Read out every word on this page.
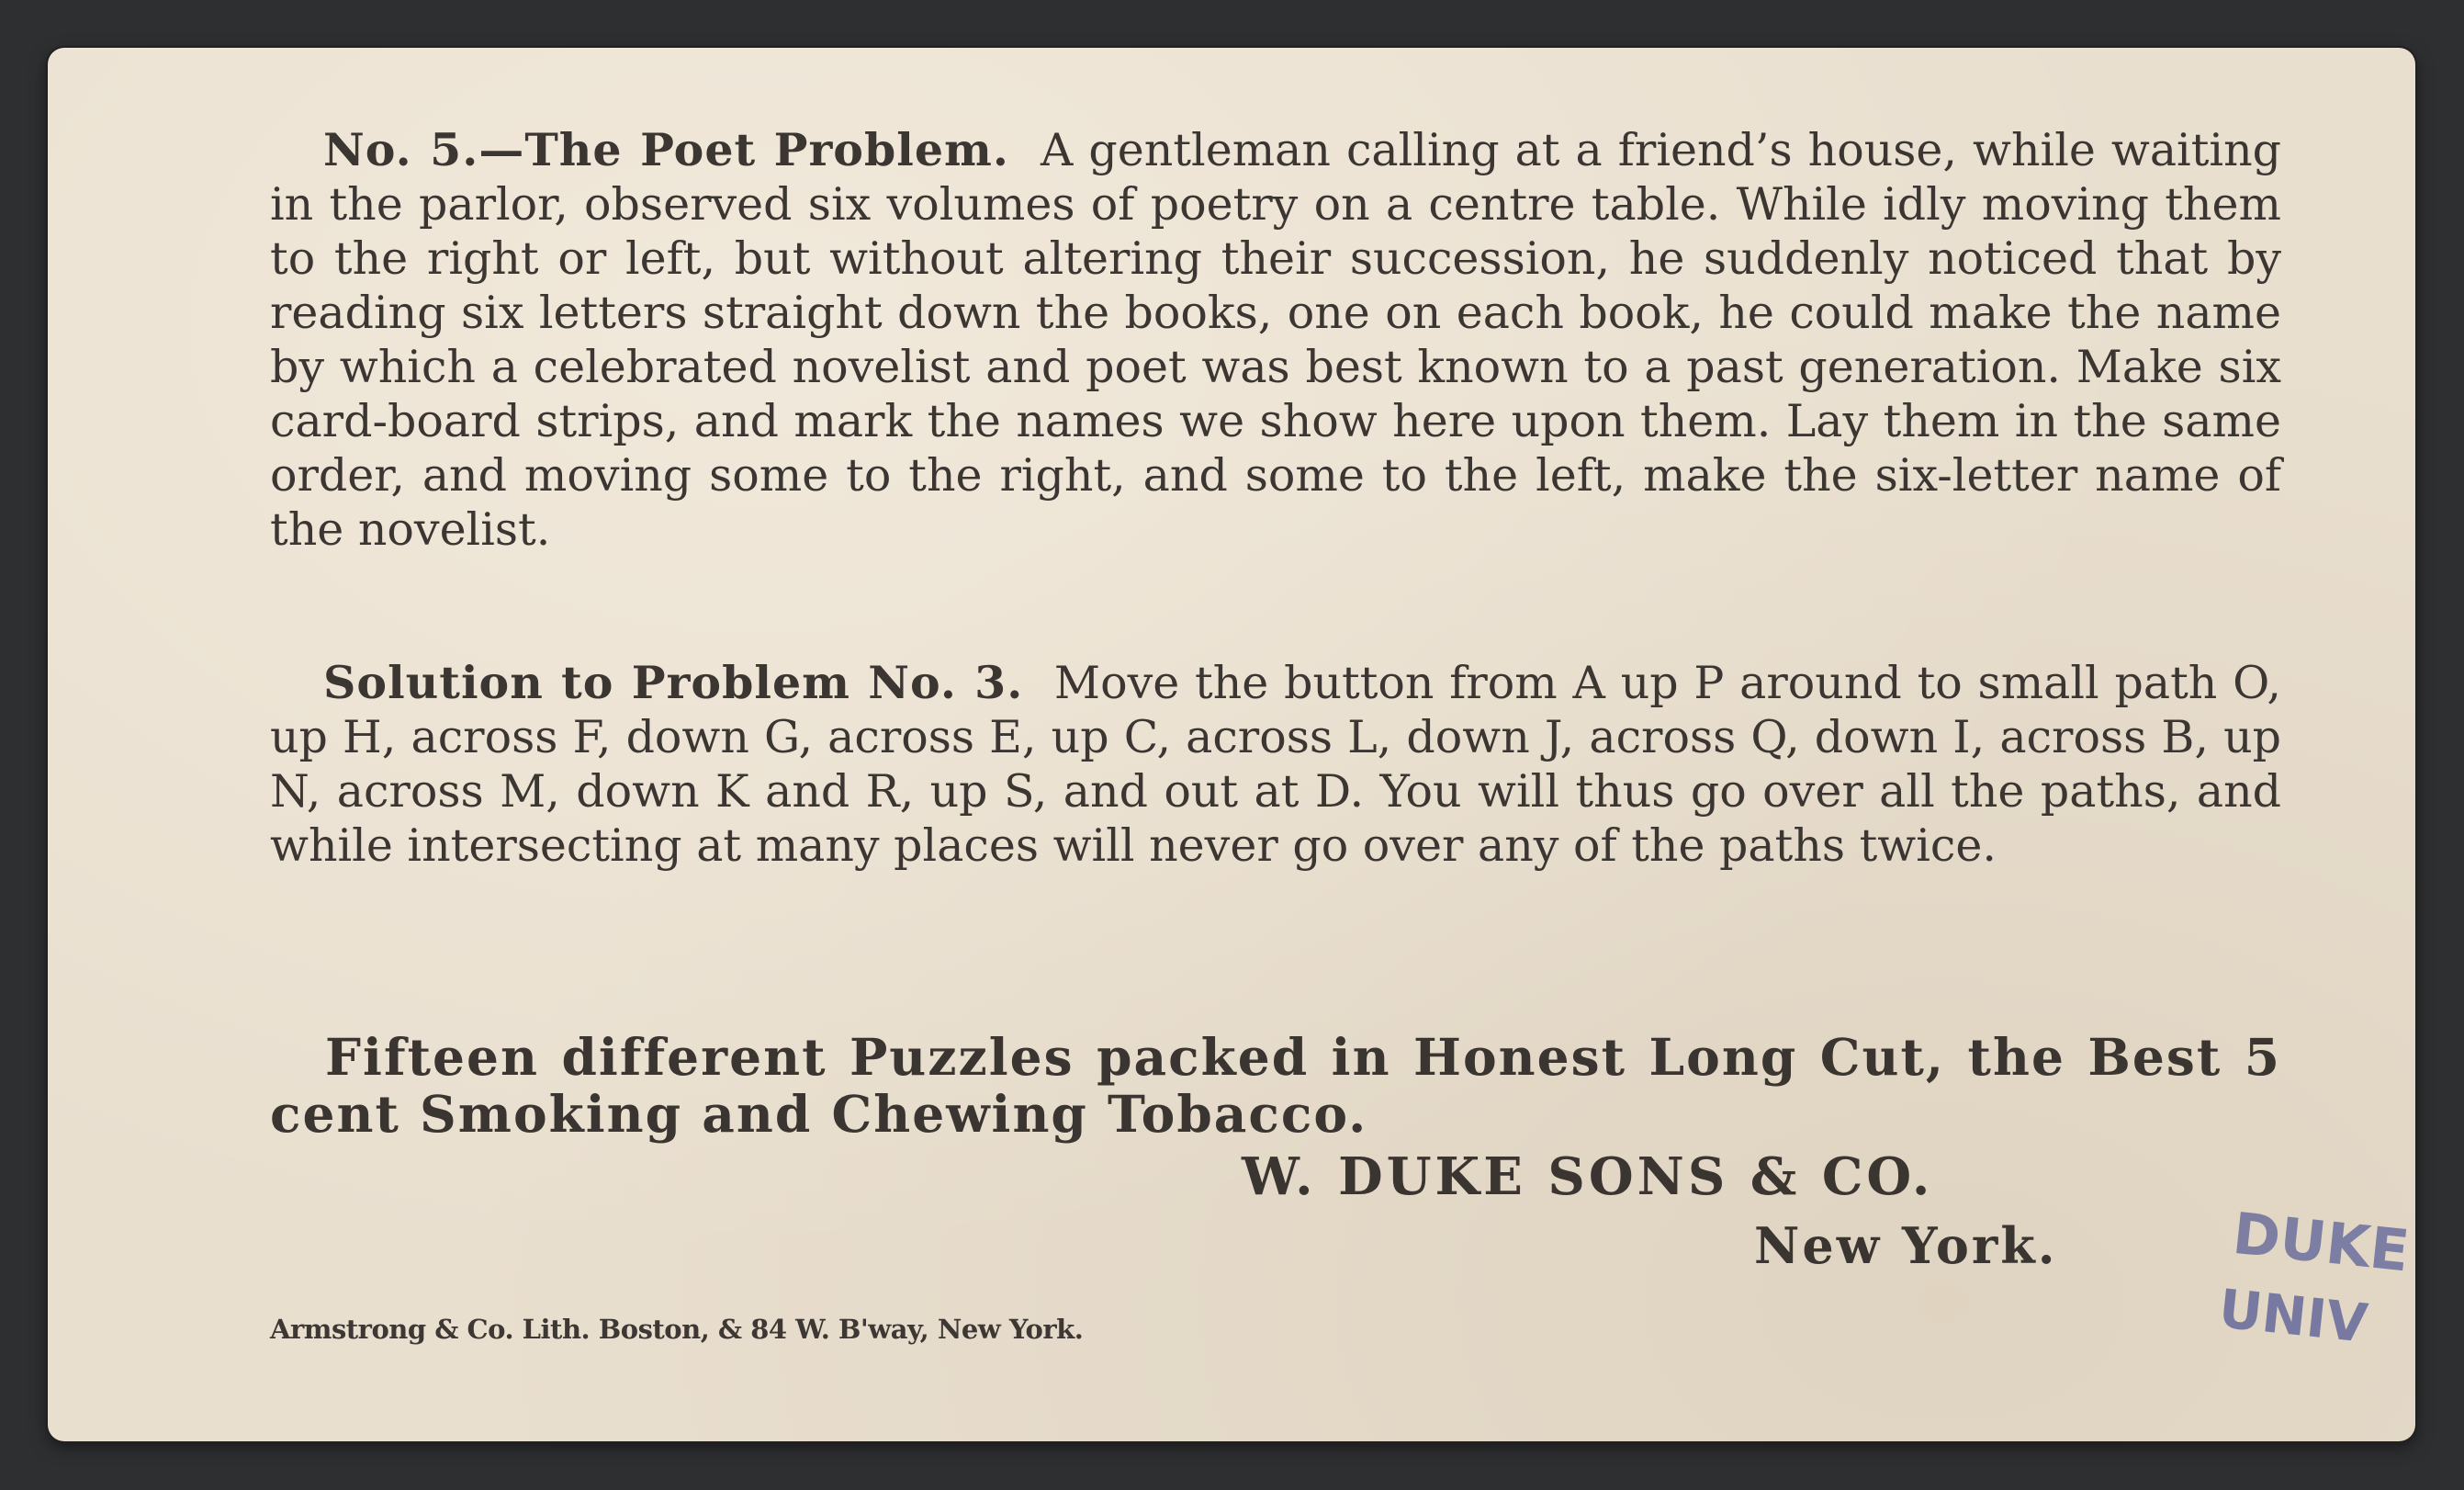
No. 5.—The Poet Problem. A gentleman calling at a friend’s house, while waiting in the parlor, observed six volumes of poetry on a centre table. While idly moving them to the right or left, but without altering their succession, he suddenly noticed that by reading six letters straight down the books, one on each book, he could make the name by which a celebrated novelist and poet was best known to a past generation. Make six card-board strips, and mark the names we show here upon them. Lay them in the same order, and moving some to the right, and some to the left, make the six-letter name of the novelist.

Solution to Problem No. 3. Move the button from A up P around to small path O, up H, across F, down G, across E, up C, across L, down J, across Q, down I, across B, up N, across M, down K and R, up S, and out at D. You will thus go over all the paths, and while intersecting at many places will never go over any of the paths twice.

Fifteen different Puzzles packed in Honest Long Cut, the Best 5 cent Smoking and Chewing Tobacco.

W. DUKE SONS & CO.

New York.

Armstrong & Co. Lith. Boston, & 84 W. B'way, New York.

DUKE
UNIV
